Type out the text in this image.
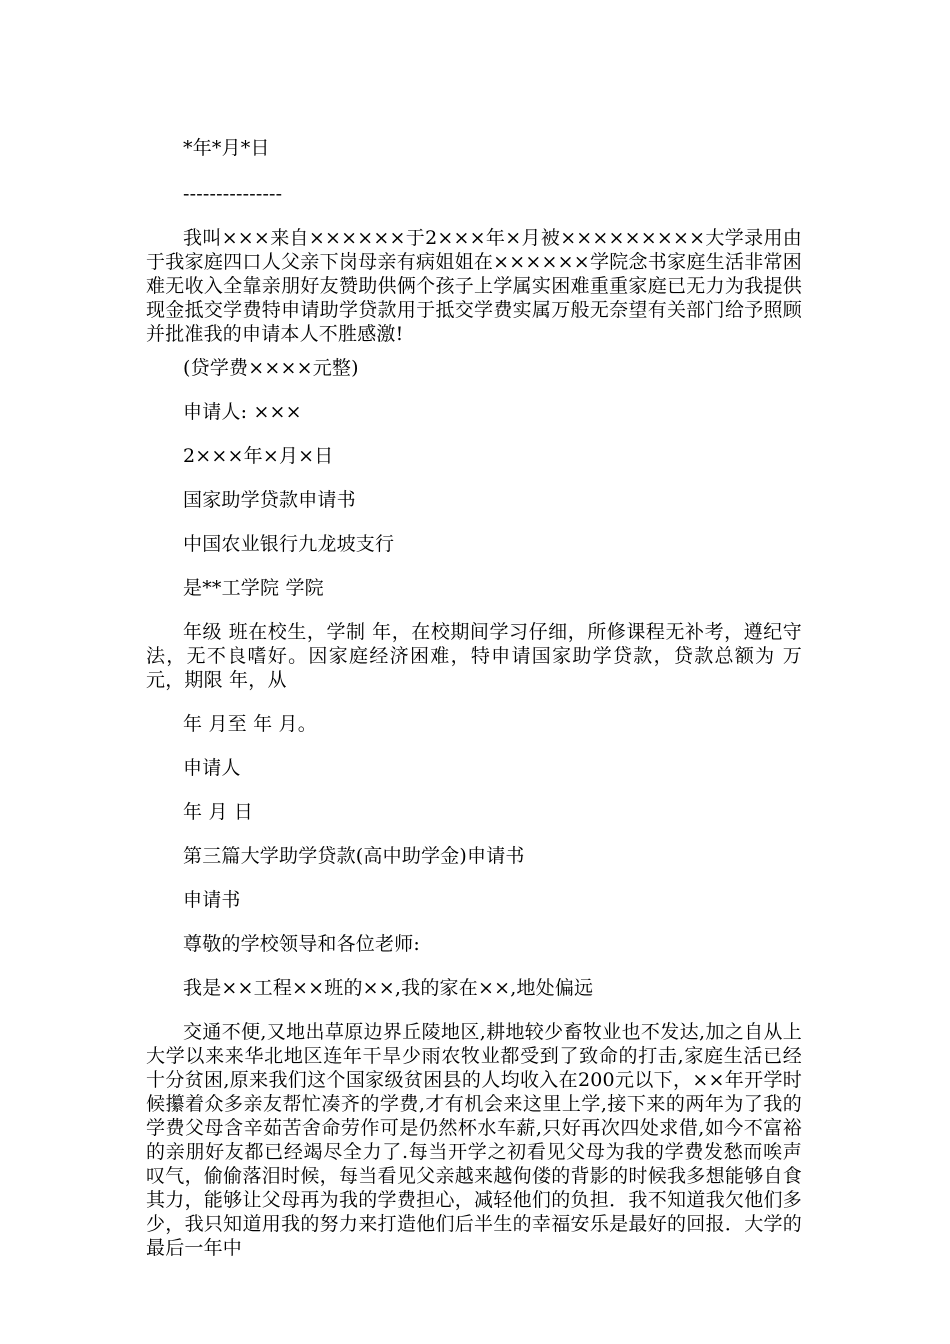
*年*月*日

---------------

我叫×××来自××××××于2×××年×月被×××××××××大学录用由于我家庭四口人父亲下岗母亲有病姐姐在××××××学院念书家庭生活非常困难无收入全靠亲朋好友赞助供俩个孩子上学属实困难重重家庭已无力为我提供现金抵交学费特申请助学贷款用于抵交学费实属万般无奈望有关部门给予照顾并批准我的申请本人不胜感激!

(贷学费××××元整)

申请人: ×××

2×××年×月×日

国家助学贷款申请书

中国农业银行九龙坡支行

是**工学院 学院

年级 班在校生，学制 年，在校期间学习仔细，所修课程无补考，遵纪守法，无不良嗜好。因家庭经济困难，特申请国家助学贷款，贷款总额为 万元，期限 年，从

年 月至 年 月。

申请人

年 月 日

第三篇大学助学贷款(高中助学金)申请书

申请书

尊敬的学校领导和各位老师:

我是××工程××班的××,我的家在××,地处偏远

交通不便,又地出草原边界丘陵地区,耕地较少畜牧业也不发达,加之自从上大学以来来华北地区连年干旱少雨农牧业都受到了致命的打击,家庭生活已经十分贫困,原来我们这个国家级贫困县的人均收入在200元以下，××年开学时候攥着众多亲友帮忙凑齐的学费,才有机会来这里上学,接下来的两年为了我的学费父母含辛茹苦舍命劳作可是仍然杯水车薪,只好再次四处求借,如今不富裕的亲朋好友都已经竭尽全力了.每当开学之初看见父母为我的学费发愁而唉声叹气，偷偷落泪时候，每当看见父亲越来越佝偻的背影的时候我多想能够自食其力，能够让父母再为我的学费担心，减轻他们的负担．我不知道我欠他们多少，我只知道用我的努力来打造他们后半生的幸福安乐是最好的回报．大学的最后一年中
